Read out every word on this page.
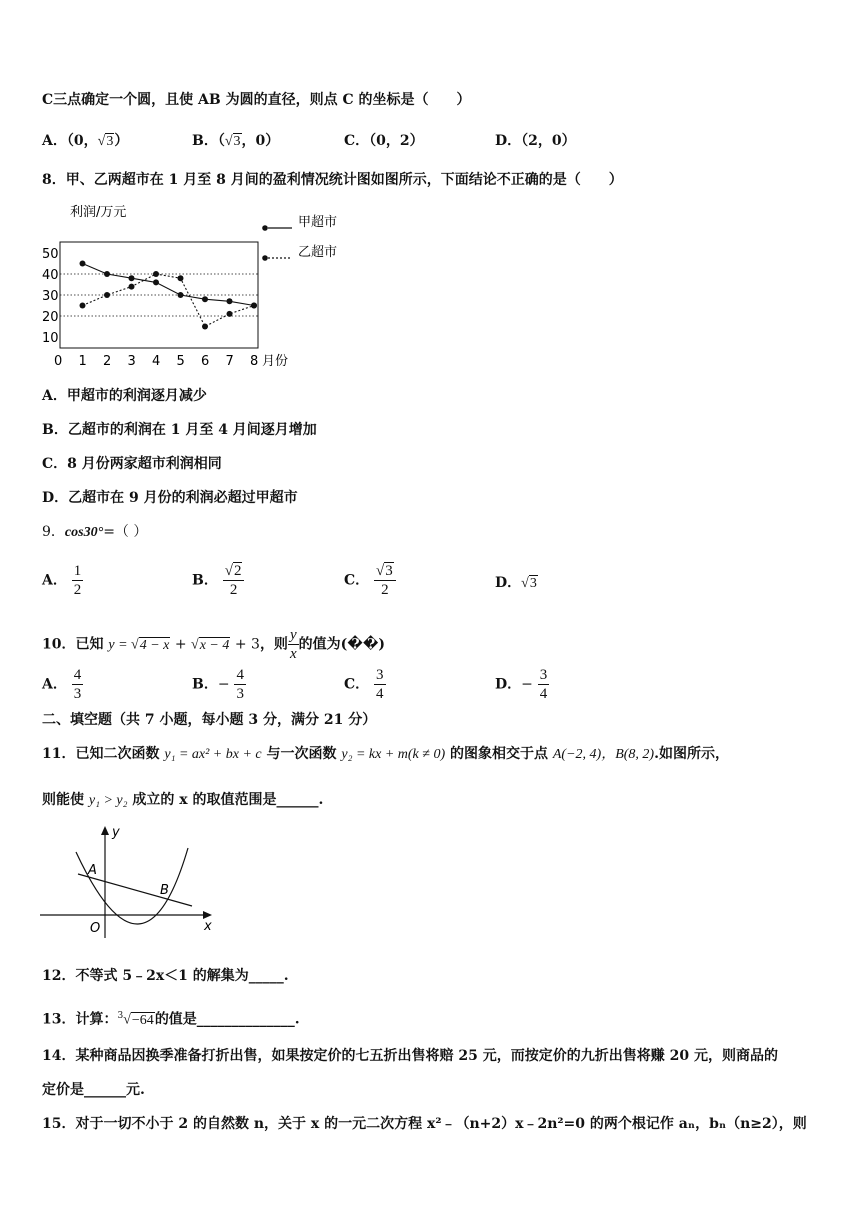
C三点确定一个圆，且使 AB 为圆的直径，则点 C 的坐标是（　　）
A．（0，√3）	B．（√3，0）	C．（0，2）	D．（2，0）
8．甲、乙两超市在 1 月至 8 月间的盈利情况统计图如图所示，下面结论不正确的是（　　）
10
20
30
40
50
0 1 2 3 4 5 6 7 8
利润/万元
月份
甲超市
乙超市
A．甲超市的利润逐月减少
B．乙超市的利润在 1 月至 4 月间逐月增加
C．8 月份两家超市利润相同
D．乙超市在 9 月份的利润必超过甲超市
9．cos30°=（ ）
A． $\frac{1}{2}$	B． $\frac{√2}{2}$	C． $\frac{√3}{2}$	D．√3
10．已知 y = √4 − x + √x − 4 + 3，则 $\frac{y}{x}$ 的值为(��)
A． $\frac{4}{3}$	B．− $\frac{4}{3}$	C． $\frac{3}{4}$	D．− $\frac{3}{4}$
二、填空题（共 7 小题，每小题 3 分，满分 21 分）
11．已知二次函数 y₁ = ax² + bx + c 与一次函数 y₂ = kx + m(k ≠ 0) 的图象相交于点 A(−2, 4)，B(8, 2).如图所示，
则能使 y₁ > y₂ 成立的 x 的取值范围是______.
y
x
O
A
B
12．不等式 5﹣2x＜1 的解集为_____.
13．计算：$^3$√−64的值是______________.
14．某种商品因换季准备打折出售，如果按定价的七五折出售将赔 25 元，而按定价的九折出售将赚 20 元，则商品的
定价是______元.
15．对于一切不小于 2 的自然数 n，关于 x 的一元二次方程 x²﹣（n+2）x﹣2n²=0 的两个根记作 aₙ，bₙ（n≥2），则
